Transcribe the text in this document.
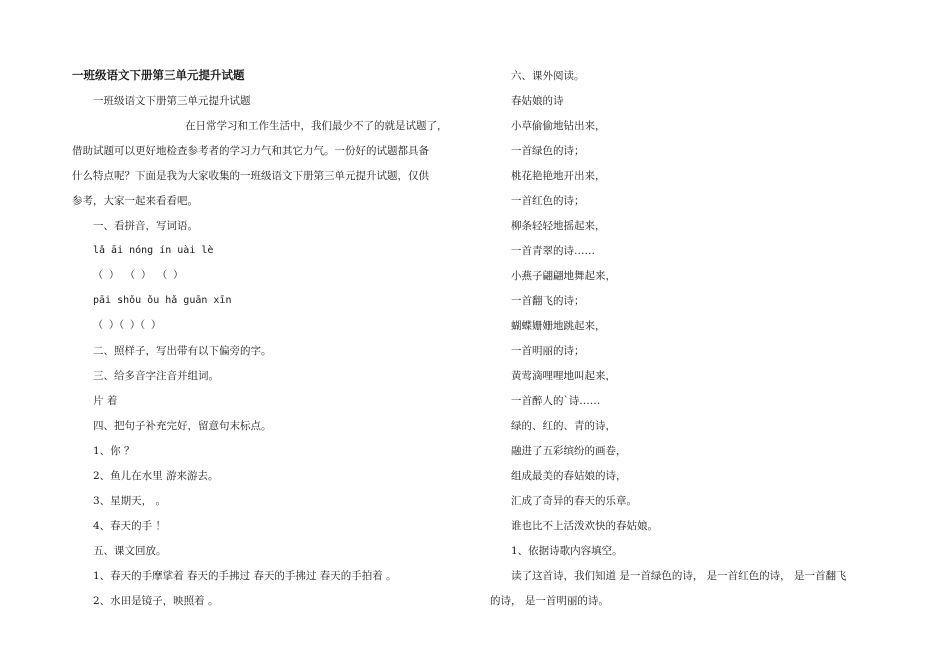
一班级语文下册第三单元提升试题
一班级语文下册第三单元提升试题
在日常学习和工作生活中，我们最少不了的就是试题了，
借助试题可以更好地检查参考者的学习力气和其它力气。一份好的试题都具备
什么特点呢？下面是我为大家收集的一班级语文下册第三单元提升试题，仅供
参考，大家一起来看看吧。
一、看拼音，写词语。
lǎ āi nóng ín uài lè
（ ） （ ） （ ）
pāi shǒu ǒu hǎ guān xīn
（ ）（ ）（ ）
二、照样子，写出带有以下偏旁的字。
三、给多音字注音并组词。
片 着
四、把句子补充完好，留意句末标点。
1、你 ？
2、鱼儿在水里 游来游去。
3、星期天， 。
4、春天的手 ！
五、课文回放。
1、春天的手摩挲着 春天的手拂过 春天的手拂过 春天的手拍着 。
2、水田是镜子，映照着 。
六、课外阅读。
春姑娘的诗
小草偷偷地钻出来，
一首绿色的诗；
桃花艳艳地开出来，
一首红色的诗；
柳条轻轻地摇起来，
一首青翠的诗……
小燕子翩翩地舞起来，
一首翻飞的诗；
蝴蝶姗姗地跳起来，
一首明丽的诗；
黄莺滴哩哩地叫起来，
一首醉人的`诗……
绿的、红的、青的诗，
融进了五彩缤纷的画卷，
组成最美的春姑娘的诗，
汇成了奇异的春天的乐章。
谁也比不上活泼欢快的春姑娘。
1、依据诗歌内容填空。
读了这首诗，我们知道 是一首绿色的诗， 是一首红色的诗， 是一首翻飞
的诗， 是一首明丽的诗。
